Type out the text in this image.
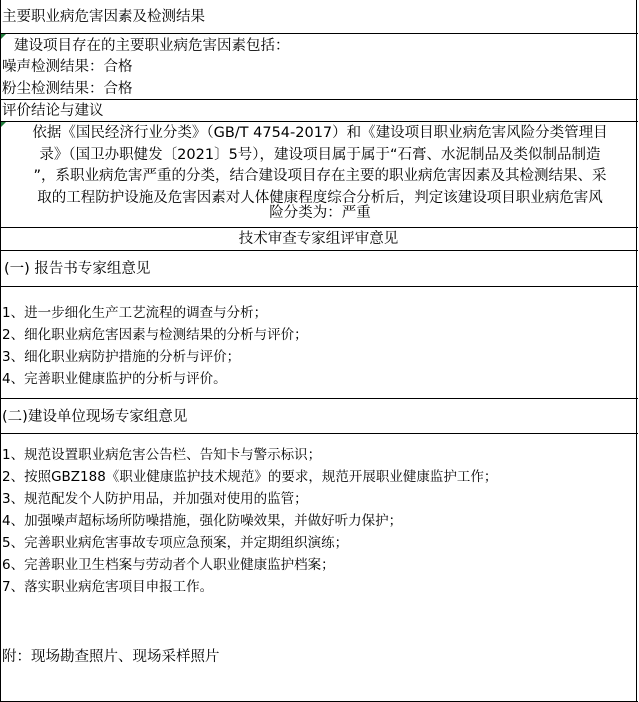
主要职业病危害因素及检测结果
建设项目存在的主要职业病危害因素包括：
噪声检测结果：合格
粉尘检测结果：合格
评价结论与建议
依据《国民经济行业分类》（GB/T 4754-2017）和《建设项目职业病危害风险分类管理目
录》（国卫办职健发〔2021〕5号），建设项目属于属于“石膏、水泥制品及类似制品制造
”，系职业病危害严重的分类，结合建设项目存在主要的职业病危害因素及其检测结果、采
取的工程防护设施及危害因素对人体健康程度综合分析后，判定该建设项目职业病危害风
险分类为：严重
技术审查专家组评审意见
(一) 报告书专家组意见
1、进一步细化生产工艺流程的调查与分析；
2、细化职业病危害因素与检测结果的分析与评价；
3、细化职业病防护措施的分析与评价；
4、完善职业健康监护的分析与评价。
(二)建设单位现场专家组意见
1、规范设置职业病危害公告栏、告知卡与警示标识；
2、按照GBZ188《职业健康监护技术规范》的要求，规范开展职业健康监护工作；
3、规范配发个人防护用品，并加强对使用的监管；
4、加强噪声超标场所防噪措施，强化防噪效果，并做好听力保护；
5、完善职业病危害事故专项应急预案，并定期组织演练；
6、完善职业卫生档案与劳动者个人职业健康监护档案；
7、落实职业病危害项目申报工作。
附：现场勘查照片、现场采样照片
